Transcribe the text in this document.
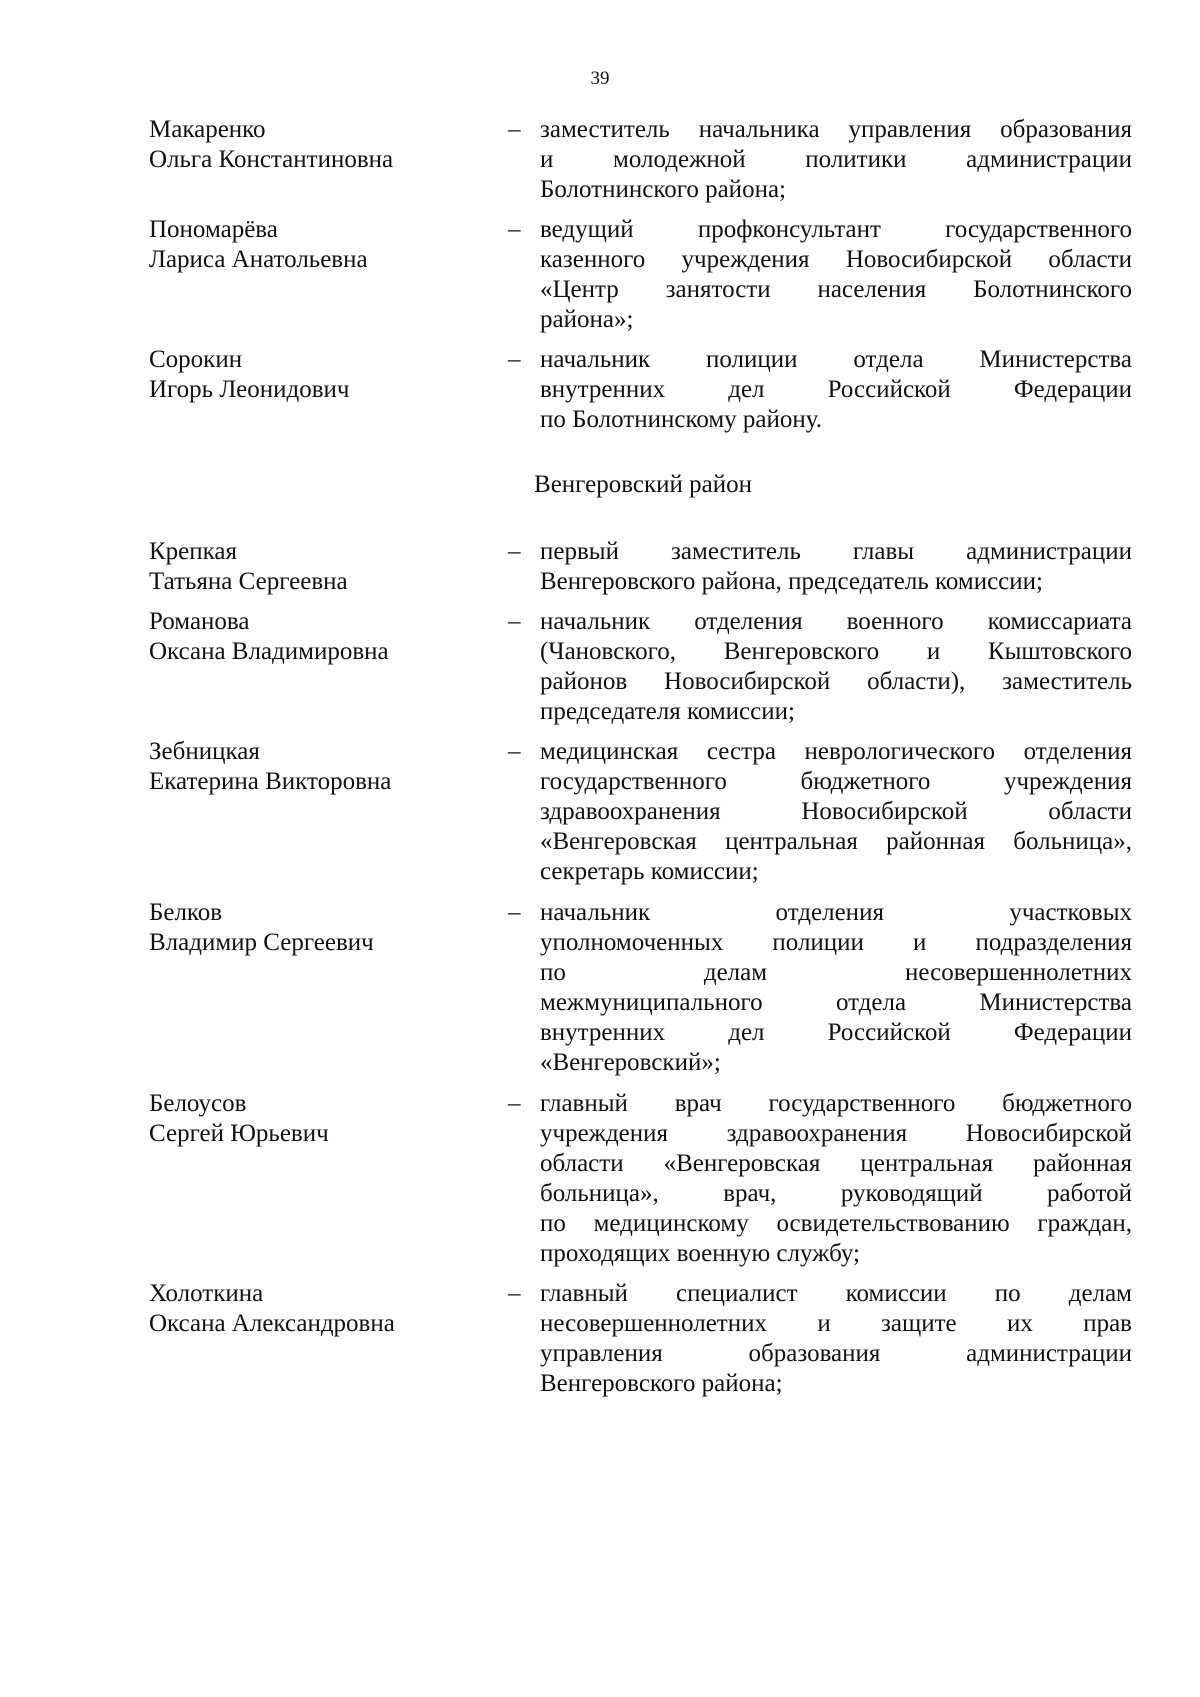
39
Макаренко
Ольга Константиновна
– заместитель начальника управления образования
и молодежной политики администрации
Болотнинского района;
Пономарёва
Лариса Анатольевна
– ведущий	профконсультант	государственного
казенного учреждения Новосибирской области
«Центр занятости населения Болотнинского
района»;
Сорокин
Игорь Леонидович
– начальник полиции отдела Министерства
внутренних	дел	Российской	Федерации
по Болотнинскому району.
Венгеровский район
Крепкая
Татьяна Сергеевна
– первый заместитель главы администрации
Венгеровского района, председатель комиссии;
Романова
Оксана Владимировна
– начальник отделения военного комиссариата
(Чановского, Венгеровского и Кыштовского
районов Новосибирской области), заместитель
председателя комиссии;
Зебницкая
Екатерина Викторовна
– медицинская сестра неврологического отделения
государственного	бюджетного	учреждения
здравоохранения	Новосибирской	области
«Венгеровская центральная районная больница»,
секретарь комиссии;
Белков
Владимир Сергеевич
– начальник	отделения	участковых
уполномоченных полиции и подразделения
по	делам	несовершеннолетних
межмуниципального	отдела	Министерства
внутренних	дел	Российской	Федерации
«Венгеровский»;
Белоусов
Сергей Юрьевич
– главный врач государственного бюджетного
учреждения здравоохранения Новосибирской
области «Венгеровская центральная районная
больница»,	врач,	руководящий	работой
по медицинскому освидетельствованию граждан,
проходящих военную службу;
Холоткина
Оксана Александровна
– главный специалист комиссии по делам
несовершеннолетних и защите их прав
управления	образования	администрации
Венгеровского района;
